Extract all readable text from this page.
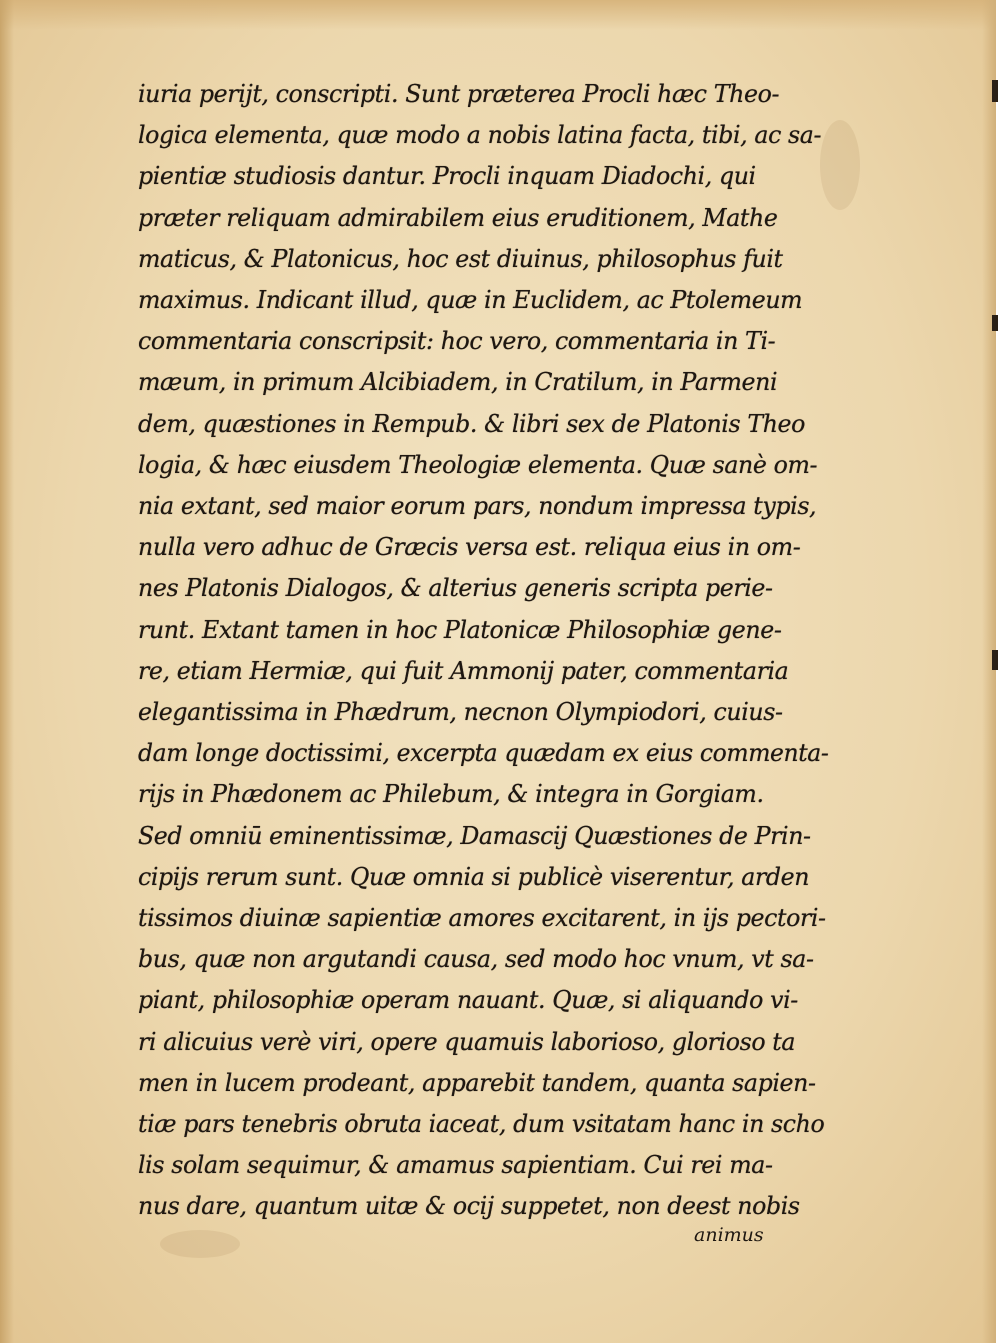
iuria perijt, conscripti. Sunt præterea Procli hæc Theo-
logica elementa, quæ modo a nobis latina facta, tibi, ac sa-
pientiæ studiosis dantur. Procli inquam Diadochi, qui
præter reliquam admirabilem eius eruditionem, Mathe
maticus, & Platonicus, hoc est diuinus, philosophus fuit
maximus. Indicant illud, quæ in Euclidem, ac Ptolemeum
commentaria conscripsit: hoc vero, commentaria in Ti-
mæum, in primum Alcibiadem, in Cratilum, in Parmeni
dem, quæstiones in Rempub. & libri sex de Platonis Theo
logia, & hæc eiusdem Theologiæ elementa. Quæ sanè om-
nia extant, sed maior eorum pars, nondum impressa typis,
nulla vero adhuc de Græcis versa est. reliqua eius in om-
nes Platonis Dialogos, & alterius generis scripta perie-
runt. Extant tamen in hoc Platonicæ Philosophiæ gene-
re, etiam Hermiæ, qui fuit Ammonij pater, commentaria
elegantissima in Phædrum, necnon Olympiodori, cuius-
dam longe doctissimi, excerpta quædam ex eius commenta-
rijs in Phædonem ac Philebum, & integra in Gorgiam.
Sed omniū eminentissimæ, Damascij Quæstiones de Prin-
cipijs rerum sunt. Quæ omnia si publicè viserentur, arden
tissimos diuinæ sapientiæ amores excitarent, in ijs pectori-
bus, quæ non argutandi causa, sed modo hoc vnum, vt sa-
piant, philosophiæ operam nauant. Quæ, si aliquando vi-
ri alicuius verè viri, opere quamuis laborioso, glorioso ta
men in lucem prodeant, apparebit tandem, quanta sapien-
tiæ pars tenebris obruta iaceat, dum vsitatam hanc in scho
lis solam sequimur, & amamus sapientiam. Cui rei ma-
nus dare, quantum uitæ & ocij suppetet, non deest nobis
animus
